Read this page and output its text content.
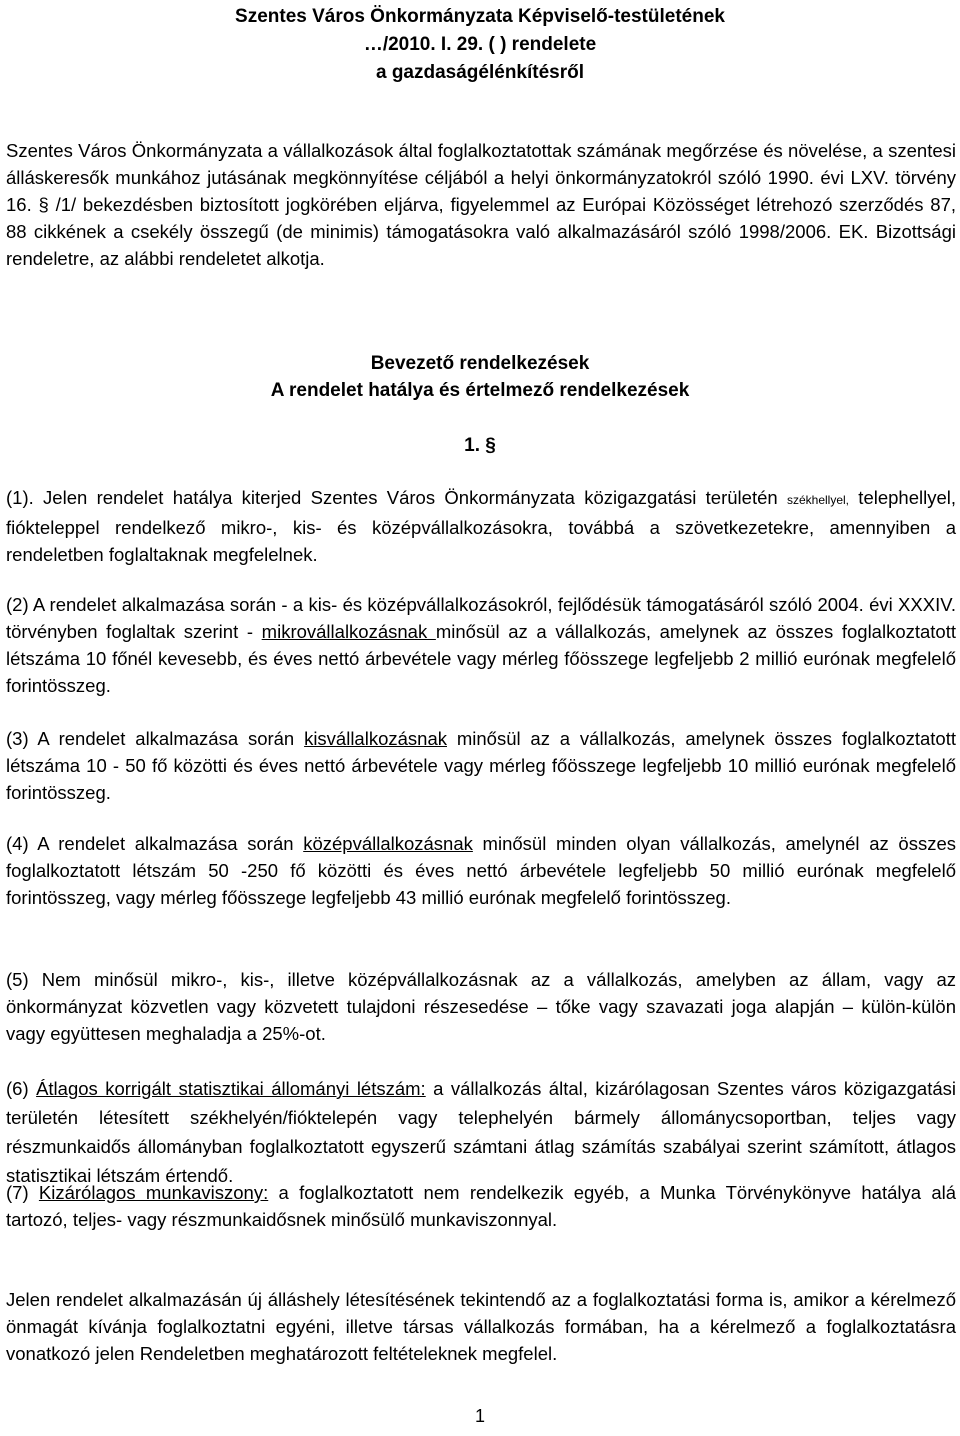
Szentes Város Önkormányzata Képviselő-testületének
…/2010. I. 29. ( ) rendelete
a gazdaságélénkítésről

Szentes Város Önkormányzata a vállalkozások által foglalkoztatottak számának megőrzése és növelése, a szentesi álláskeresők munkához jutásának megkönnyítése céljából a helyi önkormányzatokról szóló 1990. évi LXV. törvény 16. § /1/ bekezdésben biztosított jogkörében eljárva, figyelemmel az Európai Közösséget létrehozó szerződés 87, 88 cikkének a csekély összegű (de minimis) támogatásokra való alkalmazásáról szóló 1998/2006. EK. Bizottsági rendeletre, az alábbi rendeletet alkotja.

Bevezető rendelkezések
A rendelet hatálya és értelmező rendelkezések
1. §

(1). Jelen rendelet hatálya kiterjed Szentes Város Önkormányzata közigazgatási területén székhellyel, telephellyel, fiókteleppel rendelkező mikro-, kis- és középvállalkozásokra, továbbá a szövetkezetekre, amennyiben a rendeletben foglaltaknak megfelelnek.

(2) A rendelet alkalmazása során - a kis- és középvállalkozásokról, fejlődésük támogatásáról szóló 2004. évi XXXIV. törvényben foglaltak szerint - mikrovállalkozásnak minősül az a vállalkozás, amelynek az összes foglalkoztatott létszáma 10 főnél kevesebb, és éves nettó árbevétele vagy mérleg főösszege legfeljebb 2 millió eurónak megfelelő forintösszeg.

(3) A rendelet alkalmazása során kisvállalkozásnak minősül az a vállalkozás, amelynek összes foglalkoztatott létszáma 10 - 50 fő közötti és éves nettó árbevétele vagy mérleg főösszege legfeljebb 10 millió eurónak megfelelő forintösszeg.

(4) A rendelet alkalmazása során középvállalkozásnak minősül minden olyan vállalkozás, amelynél az összes foglalkoztatott létszám 50 -250 fő közötti és éves nettó árbevétele legfeljebb 50 millió eurónak megfelelő forintösszeg, vagy mérleg főösszege legfeljebb 43 millió eurónak megfelelő forintösszeg.

(5) Nem minősül mikro-, kis-, illetve középvállalkozásnak az a vállalkozás, amelyben az állam, vagy az önkormányzat közvetlen vagy közvetett tulajdoni részesedése – tőke vagy szavazati joga alapján – külön-külön vagy együttesen meghaladja a 25%-ot.

(6) Átlagos korrigált statisztikai állományi létszám: a vállalkozás által, kizárólagosan Szentes város közigazgatási területén létesített székhelyén/fióktelepén vagy telephelyén bármely állománycsoportban, teljes vagy részmunkaidős állományban foglalkoztatott egyszerű számtani átlag számítás szabályai szerint számított, átlagos statisztikai létszám értendő.

(7) Kizárólagos munkaviszony: a foglalkoztatott nem rendelkezik egyéb, a Munka Törvénykönyve hatálya alá tartozó, teljes- vagy részmunkaidősnek minősülő munkaviszonnyal.

Jelen rendelet alkalmazásán új álláshely létesítésének tekintendő az a foglalkoztatási forma is, amikor a kérelmező önmagát kívánja foglalkoztatni egyéni, illetve társas vállalkozás formában, ha a kérelmező a foglalkoztatásra vonatkozó jelen Rendeletben meghatározott feltételeknek megfelel.

1
